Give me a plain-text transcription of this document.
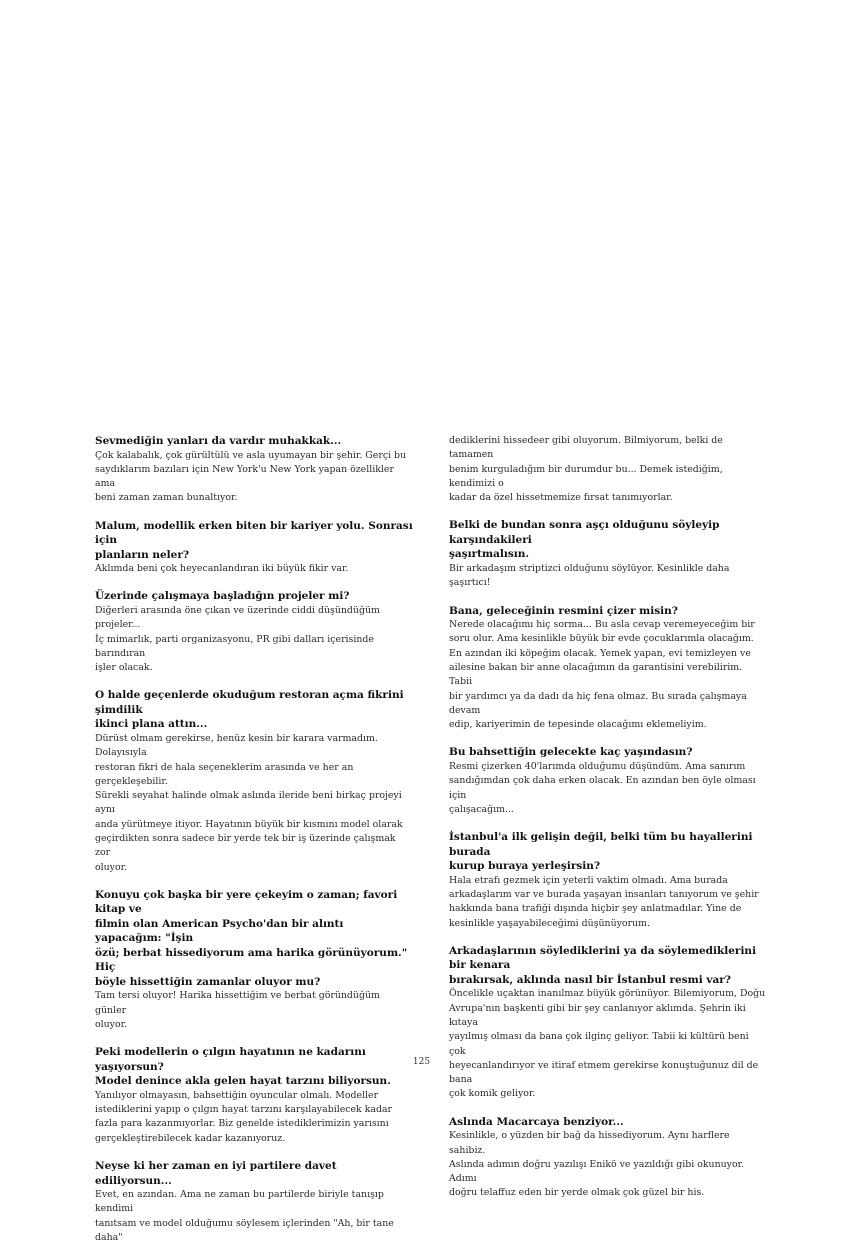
Sevmediğin yanları da vardır muhakkak...
Çok kalabalık, çok gürültülü ve asla uyumayan bir şehir. Gerçi bu
saydıklarım bazıları için New York'u New York yapan özellikler ama
beni zaman zaman bunaltıyor.
Malum, modellik erken biten bir kariyer yolu. Sonrası için
planların neler?
Aklımda beni çok heyecanlandıran iki büyük fikir var.
Üzerinde çalışmaya başladığın projeler mi?
Diğerleri arasında öne çıkan ve üzerinde ciddi düşündüğüm projeler...
İç mimarlık, parti organizasyonu, PR gibi dalları içerisinde barındıran
işler olacak.
O halde geçenlerde okuduğum restoran açma fikrini şimdilik
ikinci plana attın...
Dürüst olmam gerekirse, henüz kesin bir karara varmadım. Dolayısıyla
restoran fikri de hala seçeneklerim arasında ve her an gerçekleşebilir.
Sürekli seyahat halinde olmak aslında ileride beni birkaç projeyi aynı
anda yürütmeye itiyor. Hayatının büyük bir kısmını model olarak
geçirdikten sonra sadece bir yerde tek bir iş üzerinde çalışmak zor
oluyor.
Konuyu çok başka bir yere çekeyim o zaman; favori kitap ve
filmin olan American Psycho'dan bir alıntı yapacağım: "İşin
özü; berbat hissediyorum ama harika görünüyorum." Hiç
böyle hissettiğin zamanlar oluyor mu?
Tam tersi oluyor! Harika hissettiğim ve berbat göründüğüm günler
oluyor.
Peki modellerin o çılgın hayatının ne kadarını yaşıyorsun?
Model denince akla gelen hayat tarzını biliyorsun.
Yanılıyor olmayasın, bahsettiğin oyuncular olmalı. Modeller
istediklerini yapıp o çılgın hayat tarzını karşılayabilecek kadar
fazla para kazanmıyorlar. Biz genelde istediklerimizin yarısını
gerçekleştirebilecek kadar kazanıyoruz.
Neyse ki her zaman en iyi partilere davet ediliyorsun...
Evet, en azından. Ama ne zaman bu partilerde biriyle tanışıp kendimi
tanıtsam ve model olduğumu söylesem içlerinden "Ah, bir tane daha"
dediklerini hissedeer gibi oluyorum. Bilmiyorum, belki de tamamen
benim kurguladığım bir durumdur bu... Demek istediğim, kendimizi o
kadar da özel hissetmemize fırsat tanımıyorlar.
Belki de bundan sonra aşçı olduğunu söyleyip karşındakileri
şaşırtmalısın.
Bir arkadaşım striptizci olduğunu söylüyor. Kesinlikle daha şaşırtıcı!
Bana, geleceğinin resmini çizer misin?
Nerede olacağımı hiç sorma... Bu asla cevap veremeyeceğim bir
soru olur. Ama kesinlikle büyük bir evde çocuklarımla olacağım.
En azından iki köpeğim olacak. Yemek yapan, evi temizleyen ve
ailesine bakan bir anne olacağımın da garantisini verebilirim. Tabii
bir yardımcı ya da dadı da hiç fena olmaz. Bu sırada çalışmaya devam
edip, kariyerimin de tepesinde olacağımı eklemeliyim.
Bu bahsettiğin gelecekte kaç yaşındasın?
Resmi çizerken 40'larımda olduğumu düşündüm. Ama sanırım
sandığımdan çok daha erken olacak. En azından ben öyle olması için
çalışacağım...
İstanbul'a ilk gelişin değil, belki tüm bu hayallerini burada
kurup buraya yerleşirsin?
Hala etrafı gezmek için yeterli vaktim olmadı. Ama burada
arkadaşlarım var ve burada yaşayan insanları tanıyorum ve şehir
hakkında bana trafiği dışında hiçbir şey anlatmadılar. Yine de
kesinlikle yaşayabileceğimi düşünüyorum.
Arkadaşlarının söylediklerini ya da söylemediklerini bir kenara
bırakırsak, aklında nasıl bir İstanbul resmi var?
Öncelikle uçaktan inanılmaz büyük görünüyor. Bilemiyorum, Doğu
Avrupa'nın başkenti gibi bir şey canlanıyor aklımda. Şehrin iki kıtaya
yayılmış olması da bana çok ilginç geliyor. Tabii ki kültürü beni çok
heyecanlandırıyor ve itiraf etmem gerekirse konuştuğunuz dil de bana
çok komik geliyor.
Aslında Macarcaya benziyor...
Kesinlikle, o yüzden bir bağ da hissediyorum. Aynı harflere sahibiz.
Aslında adımın doğru yazılışı Enikö ve yazıldığı gibi okunuyor. Adımı
doğru telaffuz eden bir yerde olmak çok güzel bir his.
125
